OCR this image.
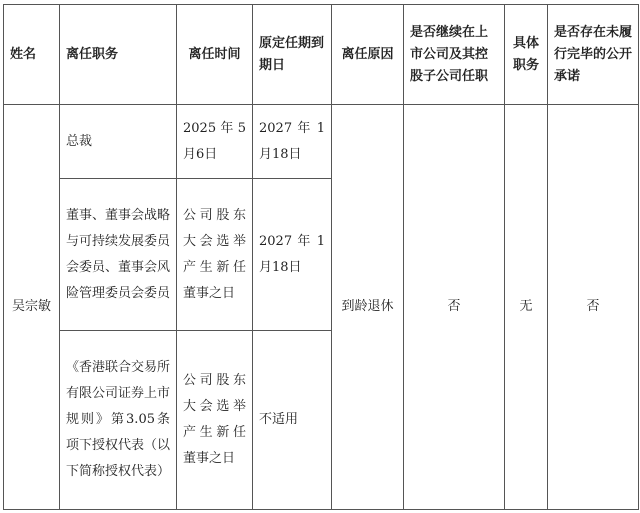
姓名	离任职务	离任时间	原定任期到期日	离任原因	是否继续在上市公司及其控股子公司任职	具体职务	是否存在未履行完毕的公开承诺
吴宗敏	总裁	2025 年 5 月6日	2027 年 1 月18日	到龄退休	否	无	否
	董事、董事会战略与可持续发展委员会委员、董事会风险管理委员会委员	公司股东大会选举产生新任董事之日	2027 年 1 月18日				
	《香港联合交易所有限公司证券上市规则》第3.05条项下授权代表（以下简称授权代表）	公司股东大会选举产生新任董事之日	不适用				
